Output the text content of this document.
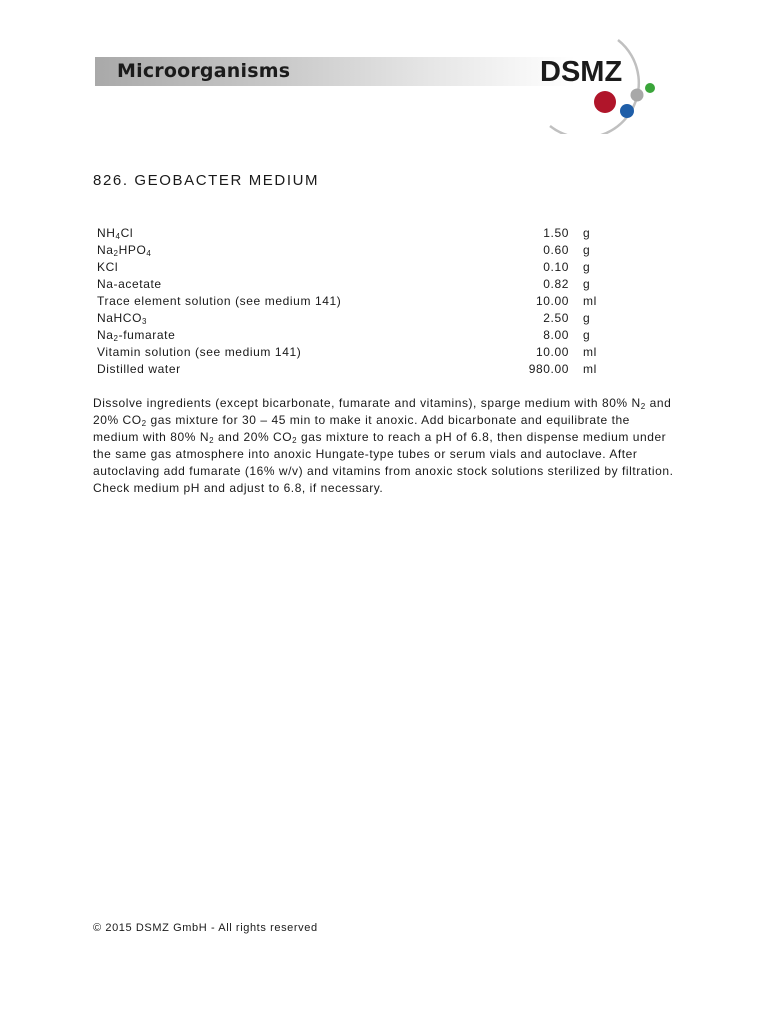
Microorganisms	DSMZ
826. GEOBACTER MEDIUM
$NH_4Cl$	1.50 g
$Na_2HPO_4$	0.60 g
KCl	0.10 g
Na-acetate	0.82 g
Trace element solution (see medium 141)	10.00 ml
NaHCO$_3$	2.50 g
$Na_2$-fumarate	8.00 g
Vitamin solution (see medium 141)	10.00 ml
Distilled water	980.00 ml

Dissolve ingredients (except bicarbonate, fumarate and vitamins), sparge medium with 80% $N_2$ and 20% $CO_2$ gas mixture for 30 – 45 min to make it anoxic. Add bicarbonate and equilibrate the medium with 80% $N_2$ and 20% $CO_2$ gas mixture to reach a pH of 6.8, then dispense medium under the same gas atmosphere into anoxic Hungate-type tubes or serum vials and autoclave. After autoclaving add fumarate (16% w/v) and vitamins from anoxic stock solutions sterilized by filtration. Check medium pH and adjust to 6.8, if necessary.

© 2015 DSMZ GmbH - All rights reserved
